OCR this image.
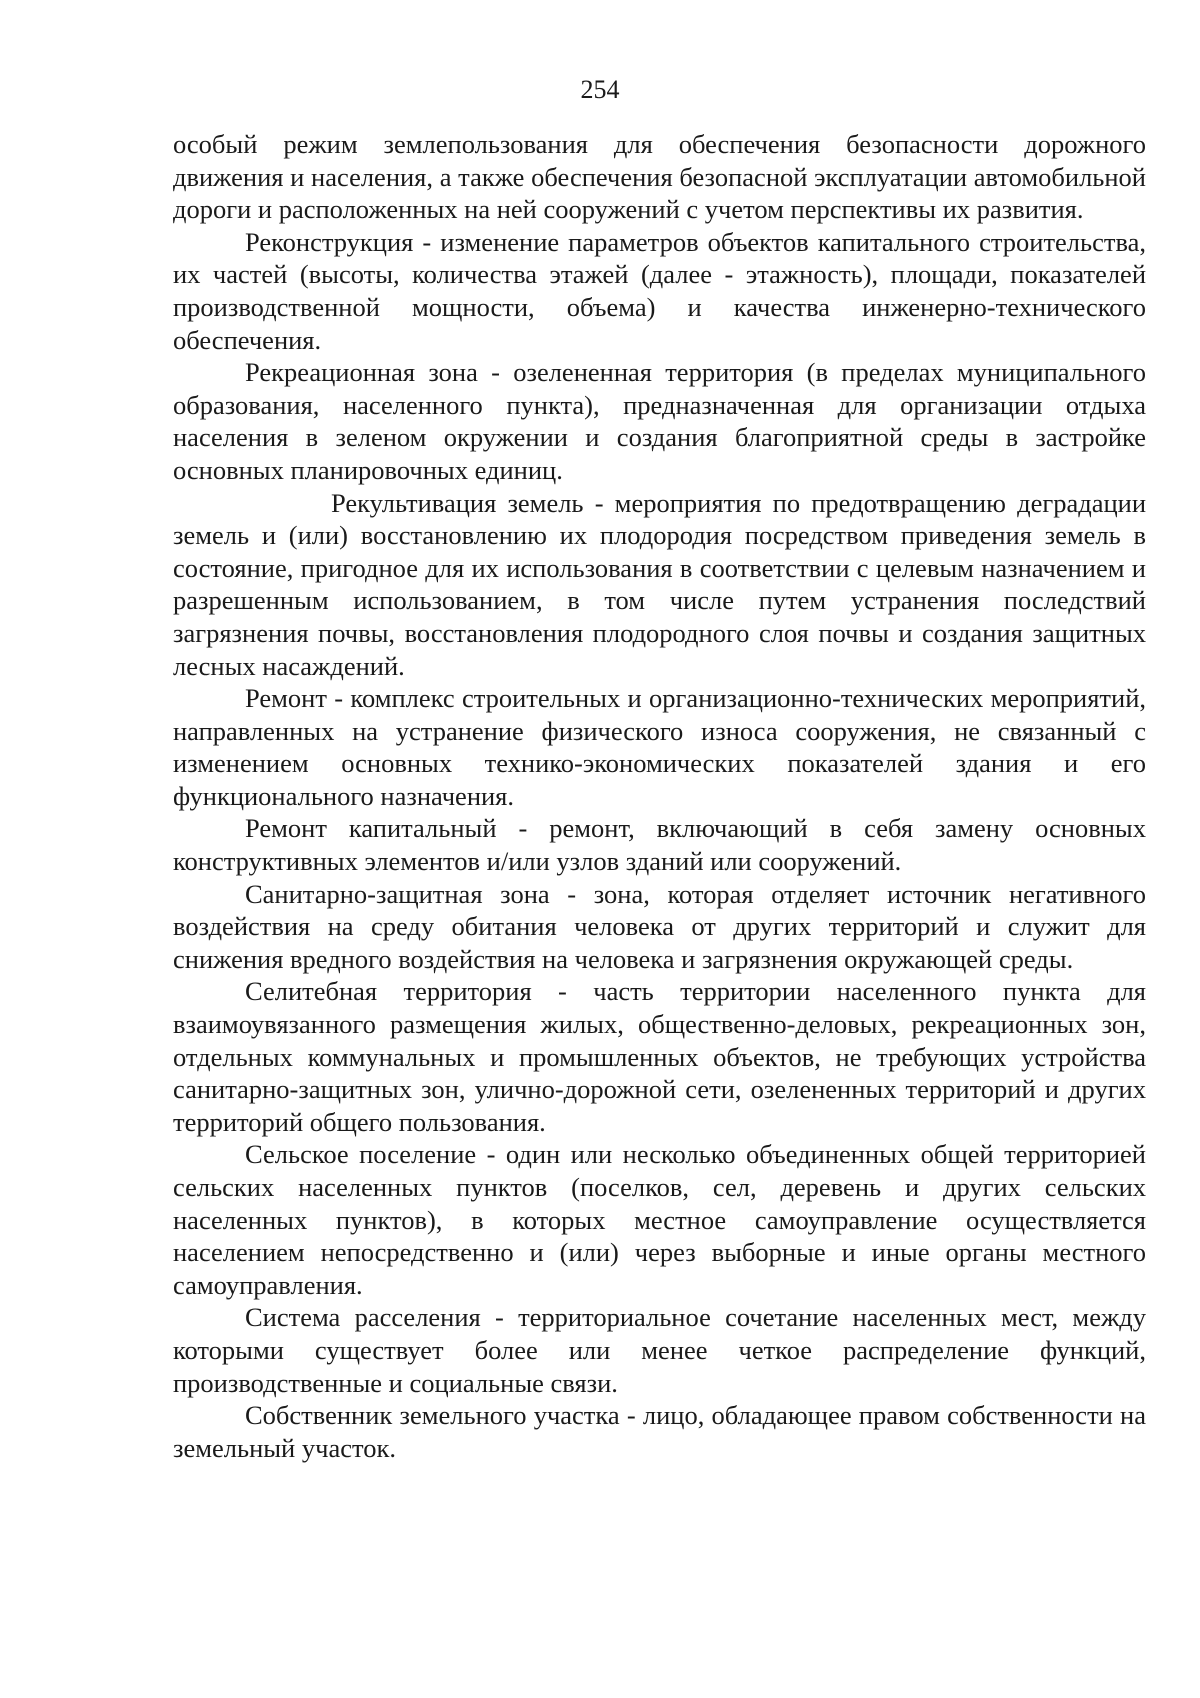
254

особый режим землепользования для обеспечения безопасности дорожного движения и населения, а также обеспечения безопасной эксплуатации автомобильной дороги и расположенных на ней сооружений с учетом перспективы их развития.

Реконструкция - изменение параметров объектов капитального строительства, их частей (высоты, количества этажей (далее - этажность), площади, показателей производственной мощности, объема) и качества инженерно-технического обеспечения.

Рекреационная зона - озелененная территория (в пределах муниципального образования, населенного пункта), предназначенная для организации отдыха населения в зеленом окружении и создания благоприятной среды в застройке основных планировочных единиц.

Рекультивация земель - мероприятия по предотвращению деградации земель и (или) восстановлению их плодородия посредством приведения земель в состояние, пригодное для их использования в соответствии с целевым назначением и разрешенным использованием, в том числе путем устранения последствий загрязнения почвы, восстановления плодородного слоя почвы и создания защитных лесных насаждений.

Ремонт - комплекс строительных и организационно-технических мероприятий, направленных на устранение физического износа сооружения, не связанный с изменением основных технико-экономических показателей здания и его функционального назначения.

Ремонт капитальный - ремонт, включающий в себя замену основных конструктивных элементов и/или узлов зданий или сооружений.

Санитарно-защитная зона - зона, которая отделяет источник негативного воздействия на среду обитания человека от других территорий и служит для снижения вредного воздействия на человека и загрязнения окружающей среды.

Селитебная территория - часть территории населенного пункта для взаимоувязанного размещения жилых, общественно-деловых, рекреационных зон, отдельных коммунальных и промышленных объектов, не требующих устройства санитарно-защитных зон, улично-дорожной сети, озелененных территорий и других территорий общего пользования.

Сельское поселение - один или несколько объединенных общей территорией сельских населенных пунктов (поселков, сел, деревень и других сельских населенных пунктов), в которых местное самоуправление осуществляется населением непосредственно и (или) через выборные и иные органы местного самоуправления.

Система расселения - территориальное сочетание населенных мест, между которыми существует более или менее четкое распределение функций, производственные и социальные связи.

Собственник земельного участка - лицо, обладающее правом собственности на земельный участок.
